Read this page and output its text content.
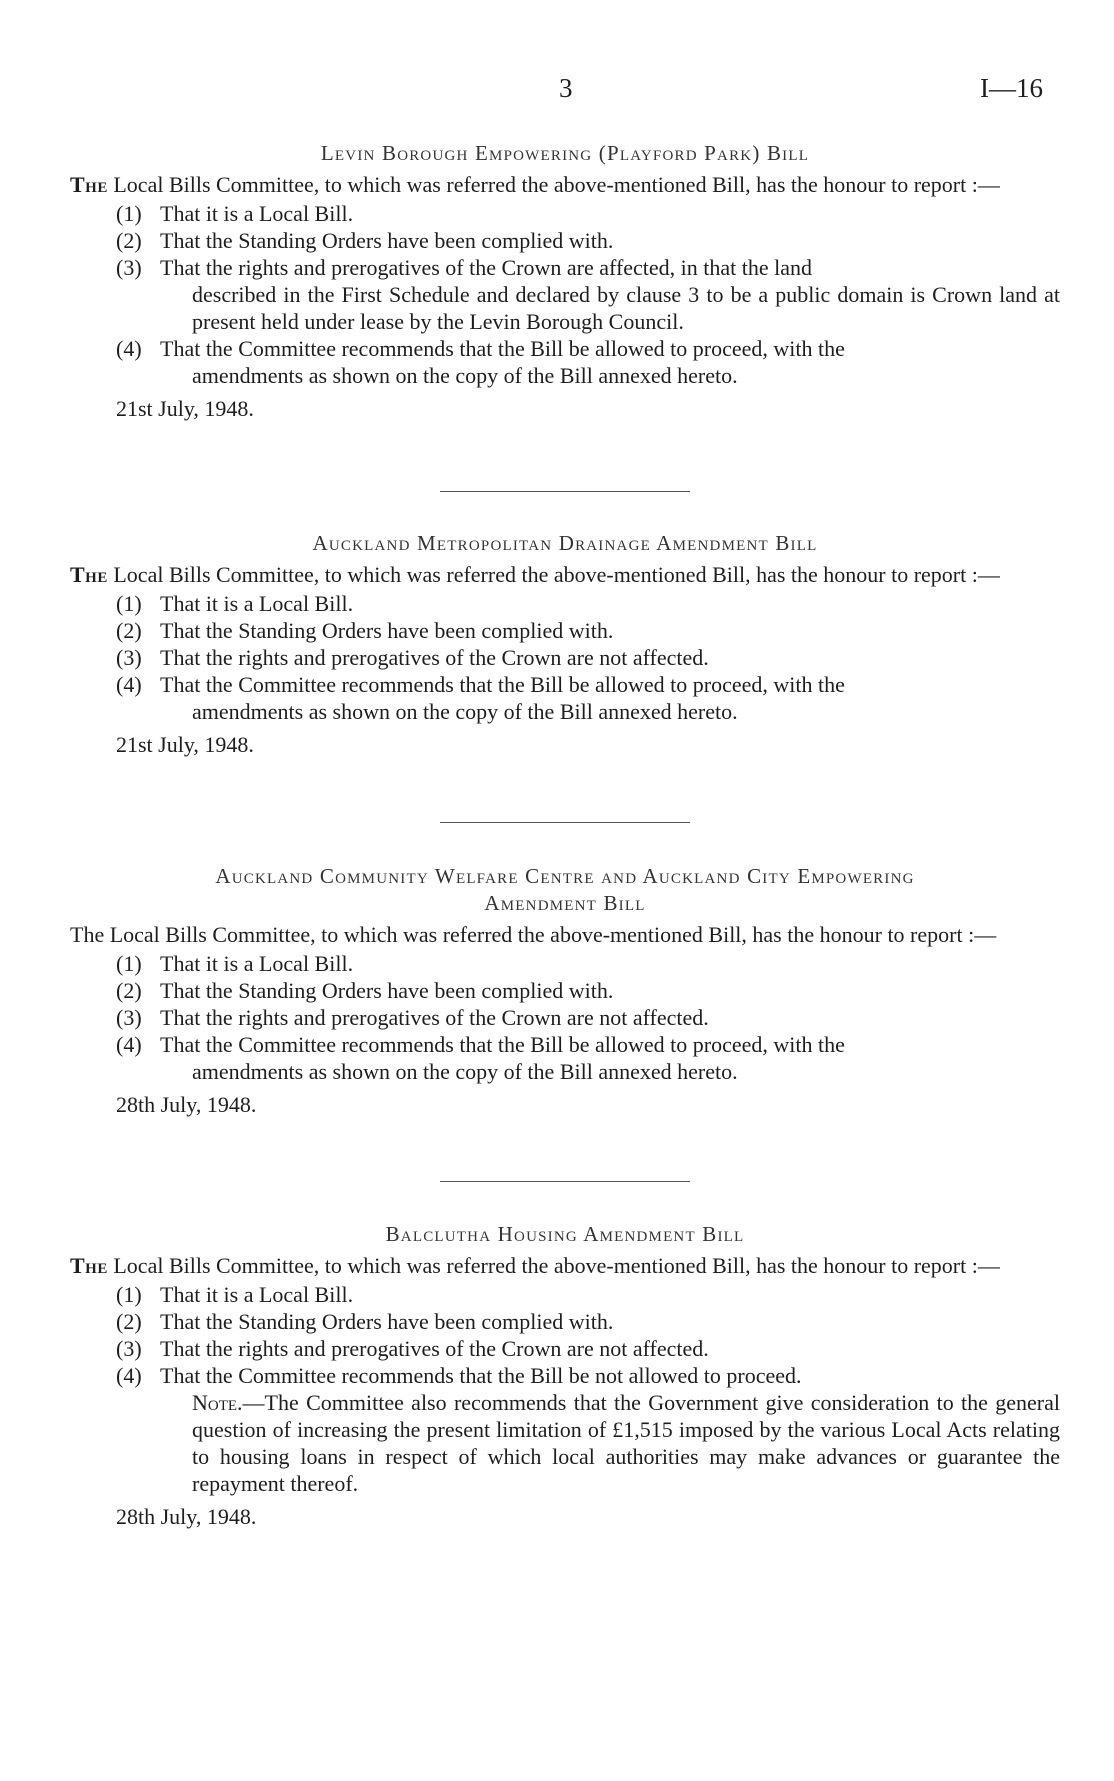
3	I—16
Levin Borough Empowering (Playford Park) Bill
The Local Bills Committee, to which was referred the above-mentioned Bill, has the honour to report :—
(1) That it is a Local Bill.
(2) That the Standing Orders have been complied with.
(3) That the rights and prerogatives of the Crown are affected, in that the land
described in the First Schedule and declared by clause 3 to be a public domain is Crown land at present held under lease by the Levin Borough Council.
(4) That the Committee recommends that the Bill be allowed to proceed, with the
amendments as shown on the copy of the Bill annexed hereto.
21st July, 1948.
Auckland Metropolitan Drainage Amendment Bill
The Local Bills Committee, to which was referred the above-mentioned Bill, has the honour to report :—
(1) That it is a Local Bill.
(2) That the Standing Orders have been complied with.
(3) That the rights and prerogatives of the Crown are not affected.
(4) That the Committee recommends that the Bill be allowed to proceed, with the
amendments as shown on the copy of the Bill annexed hereto.
21st July, 1948.
Auckland Community Welfare Centre and Auckland City Empowering
Amendment Bill
The Local Bills Committee, to which was referred the above-mentioned Bill, has the honour to report :—
(1) That it is a Local Bill.
(2) That the Standing Orders have been complied with.
(3) That the rights and prerogatives of the Crown are not affected.
(4) That the Committee recommends that the Bill be allowed to proceed, with the
amendments as shown on the copy of the Bill annexed hereto.
28th July, 1948.
Balclutha Housing Amendment Bill
The Local Bills Committee, to which was referred the above-mentioned Bill, has the honour to report :—
(1) That it is a Local Bill.
(2) That the Standing Orders have been complied with.
(3) That the rights and prerogatives of the Crown are not affected.
(4) That the Committee recommends that the Bill be not allowed to proceed.
Note.—The Committee also recommends that the Government give consideration to the general question of increasing the present limitation of £1,515 imposed by the various Local Acts relating to housing loans in respect of which local authorities may make advances or guarantee the repayment thereof.
28th July, 1948.
